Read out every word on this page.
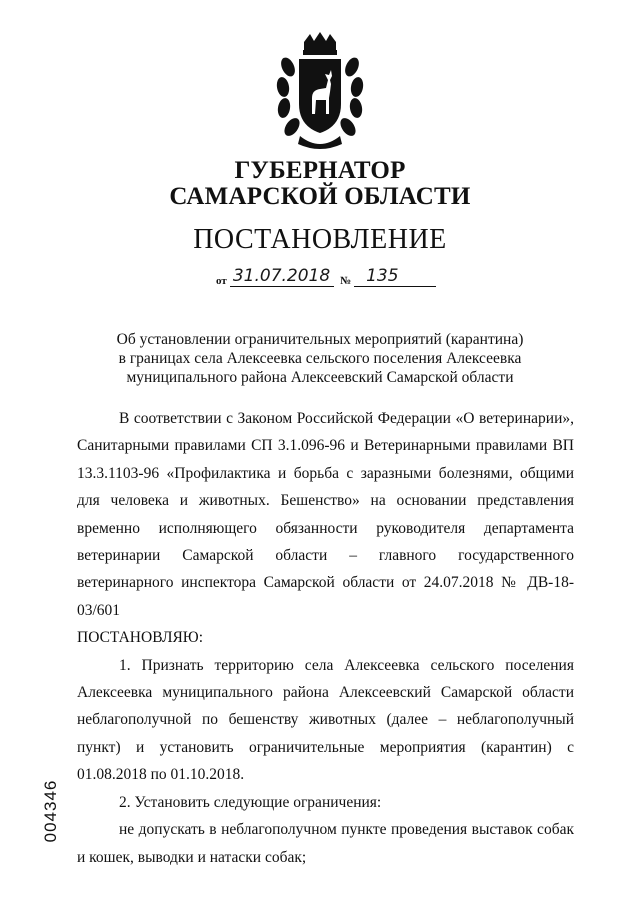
ГУБЕРНАТОР
САМАРСКОЙ ОБЛАСТИ
ПОСТАНОВЛЕНИЕ
от 31.07.2018 № 135
Об установлении ограничительных мероприятий (карантина)
в границах села Алексеевка сельского поселения Алексеевка
муниципального района Алексеевский Самарской области

В соответствии с Законом Российской Федерации «О ветеринарии», Санитарными правилами СП 3.1.096-96 и Ветеринарными правилами ВП 13.3.1103-96 «Профилактика и борьба с заразными болезнями, общими для человека и животных. Бешенство» на основании представления временно исполняющего обязанности руководителя департамента ветеринарии Самарской области – главного государственного ветеринарного инспектора Самарской области от 24.07.2018 № ДВ-18-03/601

ПОСТАНОВЛЯЮ:

1. Признать территорию села Алексеевка сельского поселения Алексеевка муниципального района Алексеевский Самарской области неблагополучной по бешенству животных (далее – неблагополучный пункт) и установить ограничительные мероприятия (карантин) с 01.08.2018 по 01.10.2018.

2. Установить следующие ограничения:

не допускать в неблагополучном пункте проведения выставок собак и кошек, выводки и натаски собак;

004346
